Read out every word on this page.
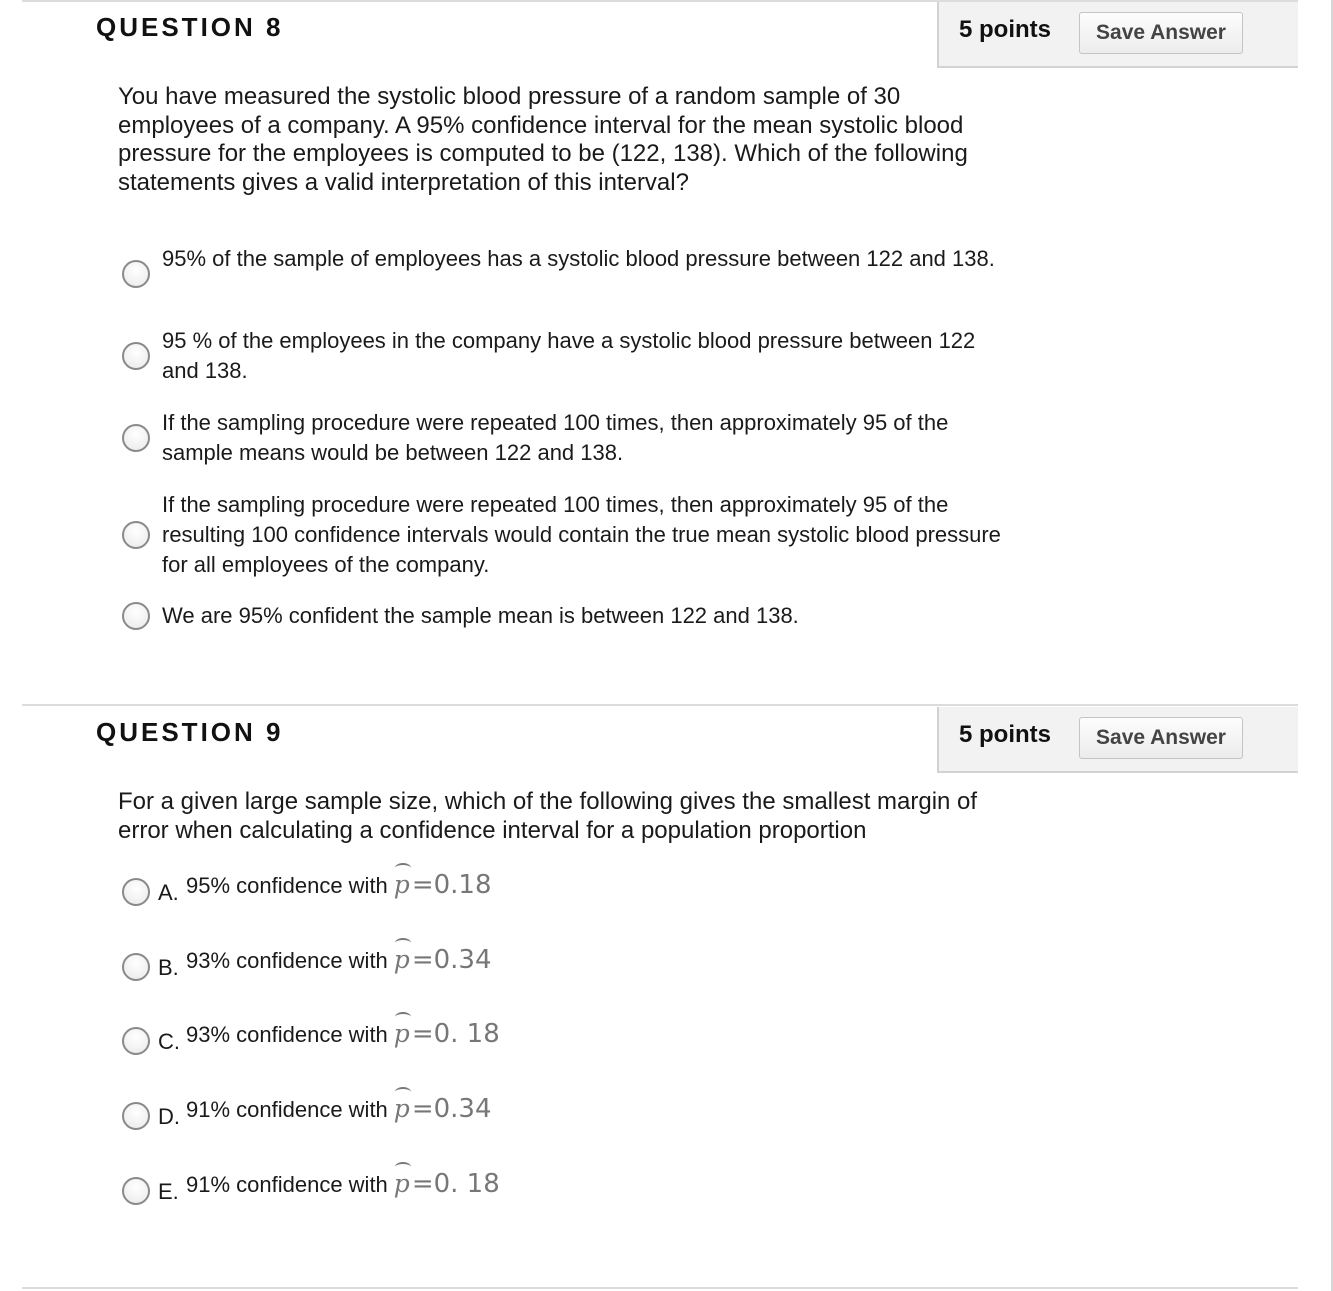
QUESTION 8	5 points	Save Answer
You have measured the systolic blood pressure of a random sample of 30 employees of a company. A 95% confidence interval for the mean systolic blood pressure for the employees is computed to be (122, 138). Which of the following statements gives a valid interpretation of this interval?
95% of the sample of employees has a systolic blood pressure between 122 and 138.
95 % of the employees in the company have a systolic blood pressure between 122 and 138.
If the sampling procedure were repeated 100 times, then approximately 95 of the sample means would be between 122 and 138.
If the sampling procedure were repeated 100 times, then approximately 95 of the resulting 100 confidence intervals would contain the true mean systolic blood pressure for all employees of the company.
We are 95% confident the sample mean is between 122 and 138.
QUESTION 9	5 points	Save Answer
For a given large sample size, which of the following gives the smallest margin of error when calculating a confidence interval for a population proportion
A. 95% confidence with p=0.18
B. 93% confidence with p=0.34
C. 93% confidence with p=0. 18
D. 91% confidence with p=0.34
E. 91% confidence with p=0. 18
